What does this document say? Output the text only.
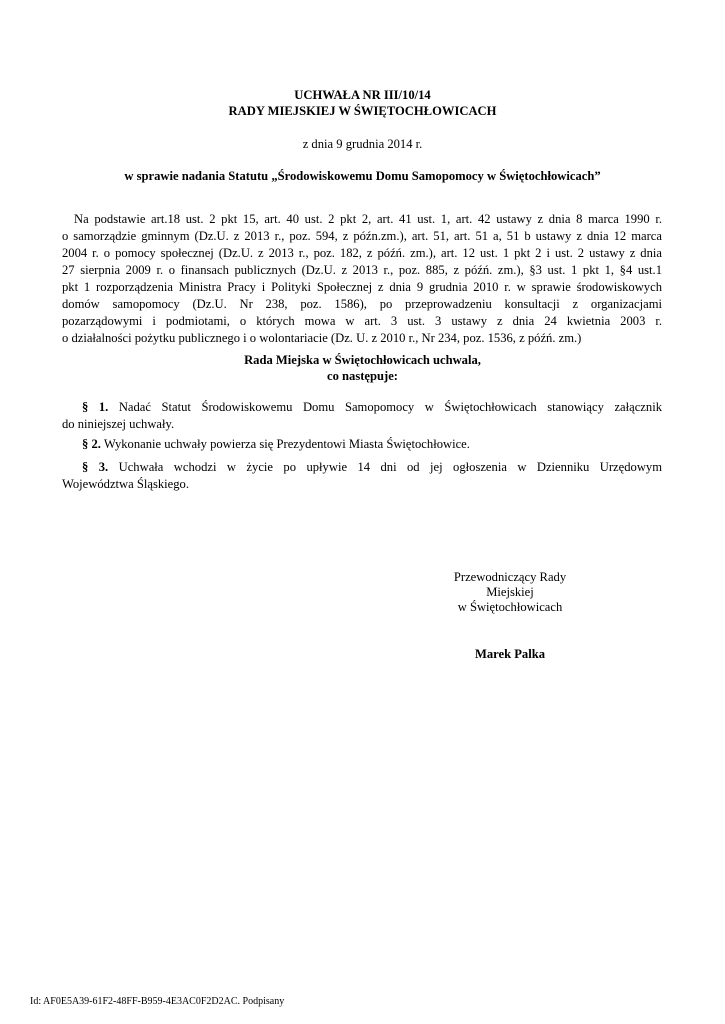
UCHWAŁA NR III/10/14
RADY MIEJSKIEJ W ŚWIĘTOCHŁOWICACH
z dnia 9 grudnia 2014 r.
w sprawie nadania Statutu „Środowiskowemu Domu Samopomocy w Świętochłowicach”
Na podstawie art.18 ust. 2 pkt 15, art. 40 ust. 2 pkt 2, art. 41 ust. 1, art. 42 ustawy z dnia 8 marca 1990 r.
o samorządzie gminnym (Dz.U. z 2013 r., poz. 594, z późn.zm.), art. 51, art. 51 a, 51 b ustawy z dnia 12 marca
2004 r. o pomocy społecznej (Dz.U. z 2013 r., poz. 182, z późń. zm.), art. 12 ust. 1 pkt 2 i ust. 2 ustawy z dnia
27 sierpnia 2009 r. o finansach publicznych (Dz.U. z 2013 r., poz. 885, z późń. zm.), §3 ust. 1 pkt 1, §4 ust.1
pkt 1 rozporządzenia Ministra Pracy i Polityki Społecznej z dnia 9 grudnia 2010 r. w sprawie środowiskowych
domów samopomocy (Dz.U. Nr 238, poz. 1586), po przeprowadzeniu konsultacji z organizacjami
pozarządowymi i podmiotami, o których mowa w art. 3 ust. 3 ustawy z dnia 24 kwietnia 2003 r.
o działalności pożytku publicznego i o wolontariacie (Dz. U. z 2010 r., Nr 234, poz. 1536, z późń. zm.)
Rada Miejska w Świętochłowicach uchwala,
co następuje:
§ 1. Nadać Statut Środowiskowemu Domu Samopomocy w Świętochłowicach stanowiący załącznik
do niniejszej uchwały.
§ 2. Wykonanie uchwały powierza się Prezydentowi Miasta Świętochłowice.
§ 3. Uchwała wchodzi w życie po upływie 14 dni od jej ogłoszenia w Dzienniku Urzędowym
Województwa Śląskiego.
Przewodniczący Rady
Miejskiej
w Świętochłowicach
Marek Palka
Id: AF0E5A39-61F2-48FF-B959-4E3AC0F2D2AC. Podpisany
